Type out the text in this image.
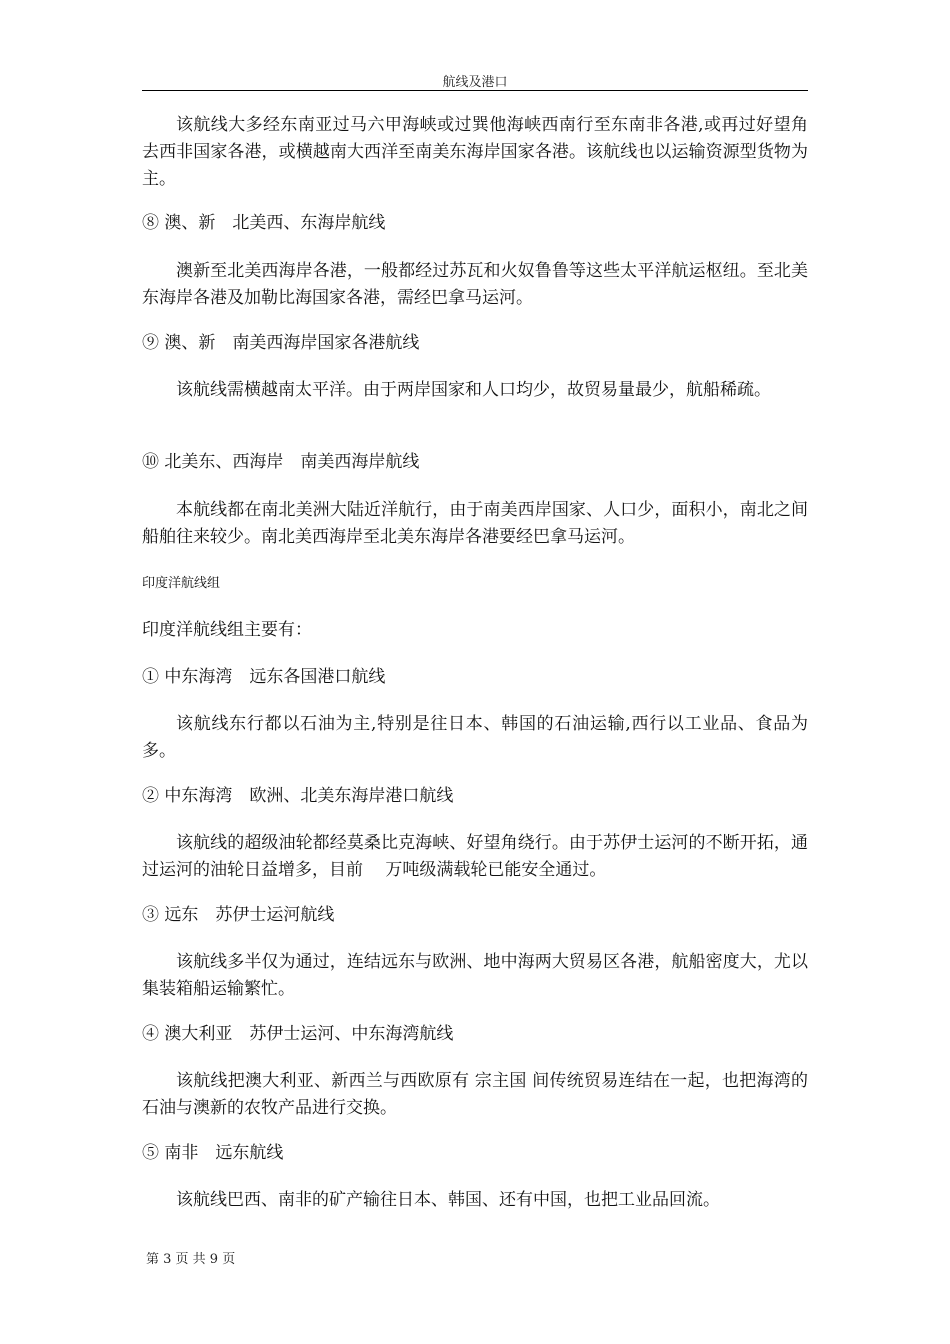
航线及港口

该航线大多经东南亚过马六甲海峡或过巽他海峡西南行至东南非各港,或再过好望角去西非国家各港，或横越南大西洋至南美东海岸国家各港。该航线也以运输资源型货物为主。

⑧ 澳、新　北美西、东海岸航线

澳新至北美西海岸各港，一般都经过苏瓦和火奴鲁鲁等这些太平洋航运枢纽。至北美东海岸各港及加勒比海国家各港，需经巴拿马运河。

⑨ 澳、新　南美西海岸国家各港航线

该航线需横越南太平洋。由于两岸国家和人口均少，故贸易量最少，航船稀疏。

⑩ 北美东、西海岸　南美西海岸航线

本航线都在南北美洲大陆近洋航行，由于南美西岸国家、人口少，面积小，南北之间船舶往来较少。南北美西海岸至北美东海岸各港要经巴拿马运河。

印度洋航线组

印度洋航线组主要有：

① 中东海湾　远东各国港口航线

该航线东行都以石油为主,特别是往日本、韩国的石油运输,西行以工业品、食品为多。

② 中东海湾　欧洲、北美东海岸港口航线

该航线的超级油轮都经莫桑比克海峡、好望角绕行。由于苏伊士运河的不断开拓，通过运河的油轮日益增多，目前　 万吨级满载轮已能安全通过。

③ 远东　苏伊士运河航线

该航线多半仅为通过，连结远东与欧洲、地中海两大贸易区各港，航船密度大，尤以集装箱船运输繁忙。

④ 澳大利亚　苏伊士运河、中东海湾航线

该航线把澳大利亚、新西兰与西欧原有 宗主国 间传统贸易连结在一起，也把海湾的石油与澳新的农牧产品进行交换。

⑤ 南非　远东航线

该航线巴西、南非的矿产输往日本、韩国、还有中国，也把工业品回流。

第 3 页 共 9 页
